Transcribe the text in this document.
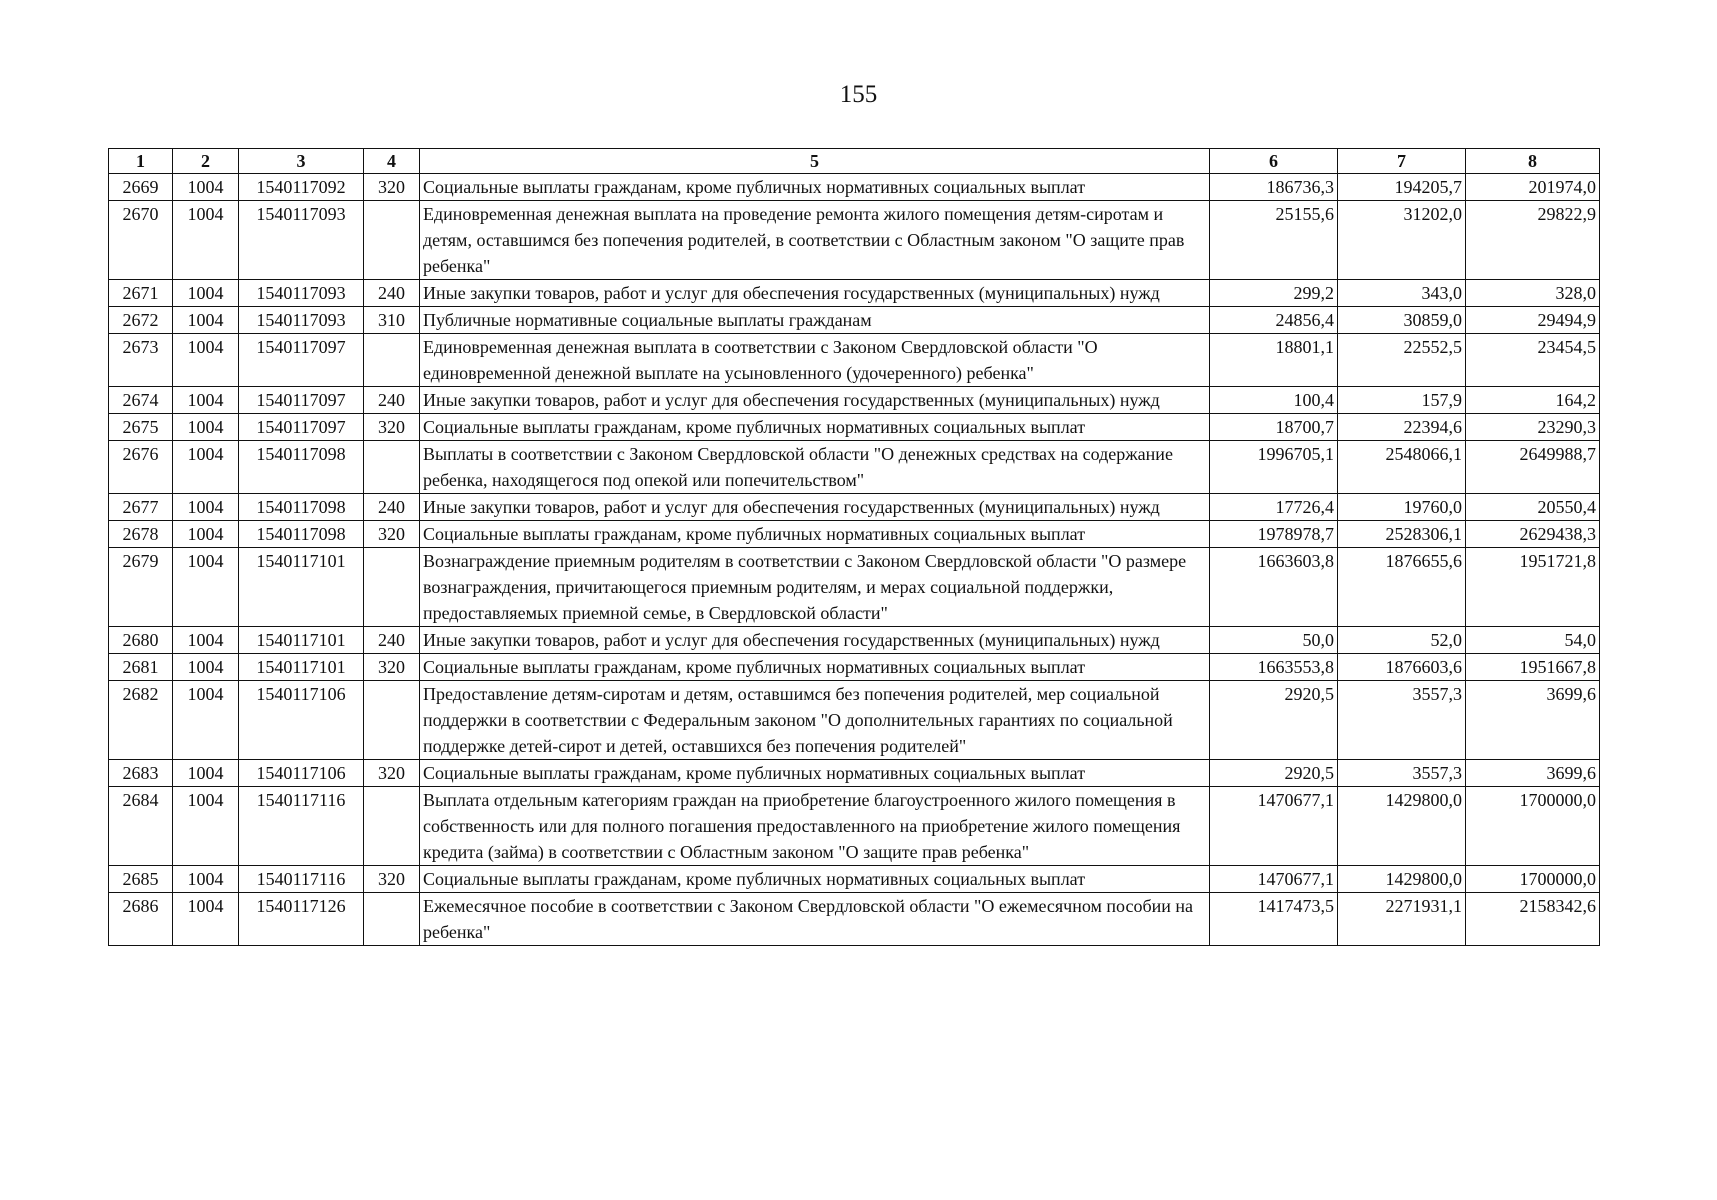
155
1	2	3	4	5	6	7	8
2669	1004	1540117092	320	Социальные выплаты гражданам, кроме публичных нормативных социальных выплат	186736,3	194205,7	201974,0
2670	1004	1540117093		Единовременная денежная выплата на проведение ремонта жилого помещения детям-сиротам и детям, оставшимся без попечения родителей, в соответствии с Областным законом "О защите прав ребенка"	25155,6	31202,0	29822,9
2671	1004	1540117093	240	Иные закупки товаров, работ и услуг для обеспечения государственных (муниципальных) нужд	299,2	343,0	328,0
2672	1004	1540117093	310	Публичные нормативные социальные выплаты гражданам	24856,4	30859,0	29494,9
2673	1004	1540117097		Единовременная денежная выплата в соответствии с Законом Свердловской области "О единовременной денежной выплате на усыновленного (удочеренного) ребенка"	18801,1	22552,5	23454,5
2674	1004	1540117097	240	Иные закупки товаров, работ и услуг для обеспечения государственных (муниципальных) нужд	100,4	157,9	164,2
2675	1004	1540117097	320	Социальные выплаты гражданам, кроме публичных нормативных социальных выплат	18700,7	22394,6	23290,3
2676	1004	1540117098		Выплаты в соответствии с Законом Свердловской области "О денежных средствах на содержание ребенка, находящегося под опекой или попечительством"	1996705,1	2548066,1	2649988,7
2677	1004	1540117098	240	Иные закупки товаров, работ и услуг для обеспечения государственных (муниципальных) нужд	17726,4	19760,0	20550,4
2678	1004	1540117098	320	Социальные выплаты гражданам, кроме публичных нормативных социальных выплат	1978978,7	2528306,1	2629438,3
2679	1004	1540117101		Вознаграждение приемным родителям в соответствии с Законом Свердловской области "О размере вознаграждения, причитающегося приемным родителям, и мерах социальной поддержки, предоставляемых приемной семье, в Свердловской области"	1663603,8	1876655,6	1951721,8
2680	1004	1540117101	240	Иные закупки товаров, работ и услуг для обеспечения государственных (муниципальных) нужд	50,0	52,0	54,0
2681	1004	1540117101	320	Социальные выплаты гражданам, кроме публичных нормативных социальных выплат	1663553,8	1876603,6	1951667,8
2682	1004	1540117106		Предоставление детям-сиротам и детям, оставшимся без попечения родителей, мер социальной поддержки в соответствии с Федеральным законом "О дополнительных гарантиях по социальной поддержке детей-сирот и детей, оставшихся без попечения родителей"	2920,5	3557,3	3699,6
2683	1004	1540117106	320	Социальные выплаты гражданам, кроме публичных нормативных социальных выплат	2920,5	3557,3	3699,6
2684	1004	1540117116		Выплата отдельным категориям граждан на приобретение благоустроенного жилого помещения в собственность или для полного погашения предоставленного на приобретение жилого помещения кредита (займа) в соответствии с Областным законом "О защите прав ребенка"	1470677,1	1429800,0	1700000,0
2685	1004	1540117116	320	Социальные выплаты гражданам, кроме публичных нормативных социальных выплат	1470677,1	1429800,0	1700000,0
2686	1004	1540117126		Ежемесячное пособие в соответствии с Законом Свердловской области "О ежемесячном пособии на ребенка"	1417473,5	2271931,1	2158342,6
